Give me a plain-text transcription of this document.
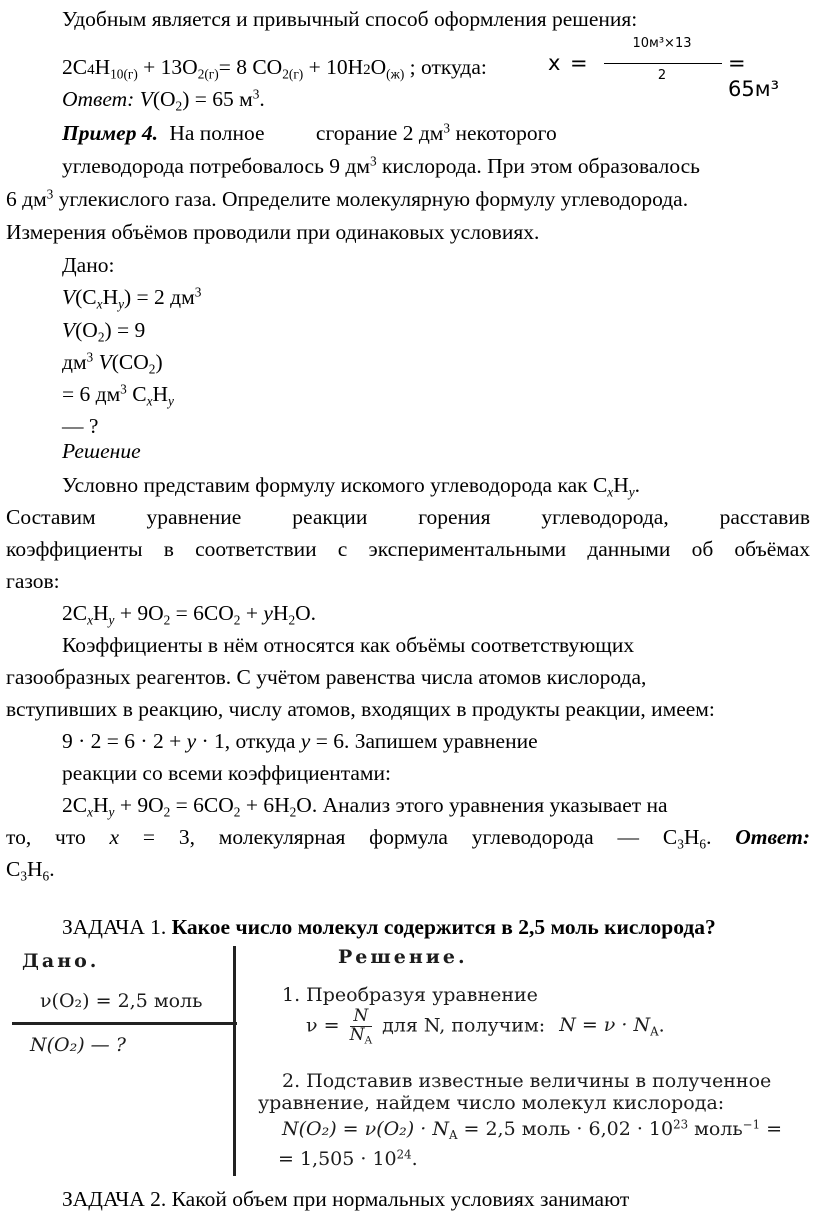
Удобным является и привычный способ оформления решения:
$2C4H_{10(г)} + 13O_{2(г)}= 8$ $CO_{2(г)} + 10H2O_{(ж)}$ ; откуда:	x =
10м³×13
2
= 65м³
Ответ: $V(O_2) = 65$ $м^3$.
Пример 4. На полное сгорание 2 $дм^3$ некоторого
углеводорода потребовалось 9 $дм^3$ кислорода. При этом образовалось
6 $дм^3$ углекислого газа. Определите молекулярную формулу углеводорода.
Измерения объёмов проводили при одинаковых условиях.
Дано:
$V(C_xH_y) = 2$ $дм^3$
$V(O_2) = 9$
$дм^3$ $V(CO_2)$
= 6 $дм^3$ $C_xH_y$
— ?
Решение
Условно представим формулу искомого углеводорода как $C_xH_y$.
Составим уравнение реакции горения углеводорода, расставив
коэффициенты в соответствии с экспериментальными данными об объёмах
газов:
$2C_xH_y + 9O_2 = 6CO_2 + yH_2O$.
Коэффициенты в нём относятся как объёмы соответствующих
газообразных реагентов. С учётом равенства числа атомов кислорода,
вступивших в реакцию, числу атомов, входящих в продукты реакции, имеем:
9 · 2 = 6 · 2 + y · 1, откуда y = 6. Запишем уравнение
реакции со всеми коэффициентами:
$2C_xH_y + 9O_2 = 6CO_2 + 6H_2O$. Анализ этого уравнения указывает на
то, что x = 3, молекулярная формула углеводорода — $C_3H_6$. Ответ:
$C_3H_6$.
ЗАДАЧА 1. Какое число молекул содержится в 2,5 моль кислорода?
Дано.
ν(O₂) = 2,5 моль
N(O₂) — ?
Решение.
1. Преобразуя уравнение
$\nu = \frac{N}{N_A}$ для N, получим: $N = \nu \cdot N_A$.
2. Подставив известные величины в полученное
уравнение, найдем число молекул кислорода:
$N(O_2) = \nu(O_2) \cdot N_A = 2,5$ моль · $6,02 \cdot 10^{23}$ моль$^{-1}$ =
= $1,505 \cdot 10^{24}$.
ЗАДАЧА 2. Какой объем при нормальных условиях занимают
